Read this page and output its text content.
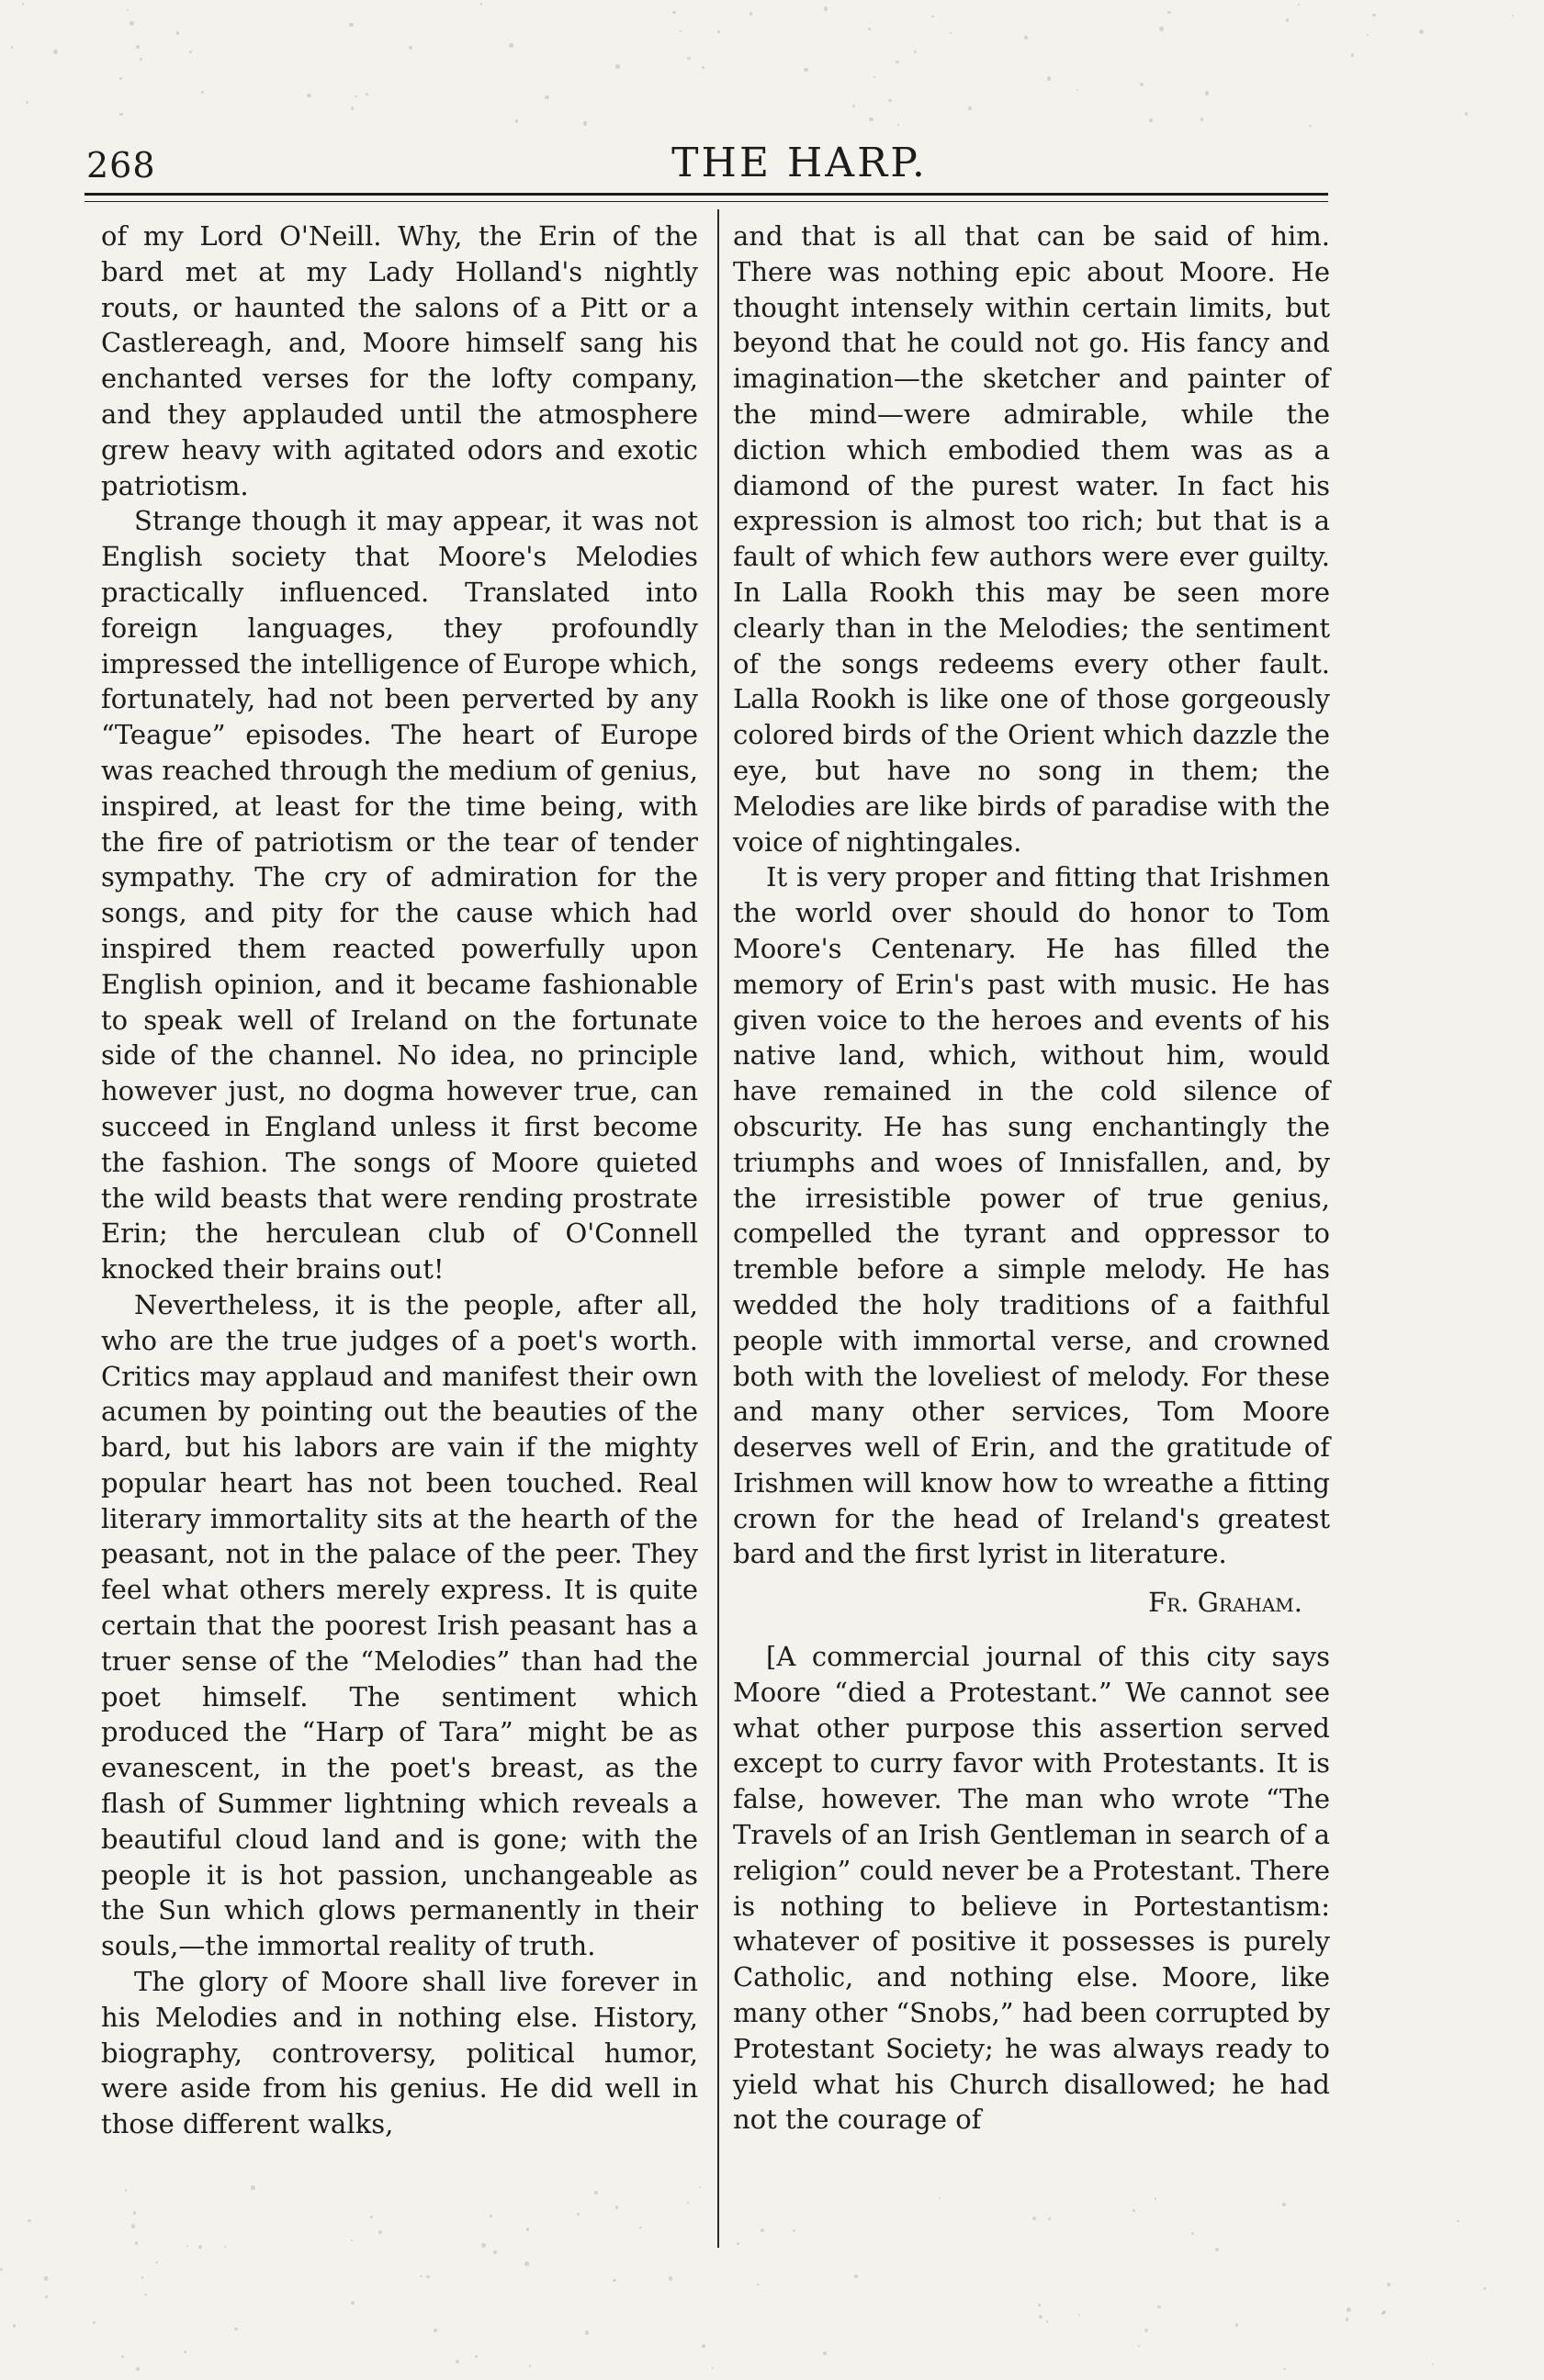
268	THE HARP.

of my Lord O'Neill. Why, the Erin of the bard met at my Lady Holland's nightly routs, or haunted the salons of a Pitt or a Castlereagh, and, Moore himself sang his enchanted verses for the lofty company, and they applauded until the atmosphere grew heavy with agitated odors and exotic patriotism.

Strange though it may appear, it was not English society that Moore's Melodies practically influenced. Translated into foreign languages, they profoundly impressed the intelligence of Europe which, fortunately, had not been perverted by any “Teague” episodes. The heart of Europe was reached through the medium of genius, inspired, at least for the time being, with the fire of patriotism or the tear of tender sympathy. The cry of admiration for the songs, and pity for the cause which had inspired them reacted powerfully upon English opinion, and it became fashionable to speak well of Ireland on the fortunate side of the channel. No idea, no principle however just, no dogma however true, can succeed in England unless it first become the fashion. The songs of Moore quieted the wild beasts that were rending prostrate Erin; the herculean club of O'Connell knocked their brains out!

Nevertheless, it is the people, after all, who are the true judges of a poet's worth. Critics may applaud and manifest their own acumen by pointing out the beauties of the bard, but his labors are vain if the mighty popular heart has not been touched. Real literary immortality sits at the hearth of the peasant, not in the palace of the peer. They feel what others merely express. It is quite certain that the poorest Irish peasant has a truer sense of the “Melodies” than had the poet himself. The sentiment which produced the “Harp of Tara” might be as evanescent, in the poet's breast, as the flash of Summer lightning which reveals a beautiful cloud land and is gone; with the people it is hot passion, unchangeable as the Sun which glows permanently in their souls,—the immortal reality of truth.

The glory of Moore shall live forever in his Melodies and in nothing else. History, biography, controversy, political humor, were aside from his genius. He did well in those different walks,

and that is all that can be said of him. There was nothing epic about Moore. He thought intensely within certain limits, but beyond that he could not go. His fancy and imagination—the sketcher and painter of the mind—were admirable, while the diction which embodied them was as a diamond of the purest water. In fact his expression is almost too rich; but that is a fault of which few authors were ever guilty. In Lalla Rookh this may be seen more clearly than in the Melodies; the sentiment of the songs redeems every other fault. Lalla Rookh is like one of those gorgeously colored birds of the Orient which dazzle the eye, but have no song in them; the Melodies are like birds of paradise with the voice of nightingales.

It is very proper and fitting that Irishmen the world over should do honor to Tom Moore's Centenary. He has filled the memory of Erin's past with music. He has given voice to the heroes and events of his native land, which, without him, would have remained in the cold silence of obscurity. He has sung enchantingly the triumphs and woes of Innisfallen, and, by the irresistible power of true genius, compelled the tyrant and oppressor to tremble before a simple melody. He has wedded the holy traditions of a faithful people with immortal verse, and crowned both with the loveliest of melody. For these and many other services, Tom Moore deserves well of Erin, and the gratitude of Irishmen will know how to wreathe a fitting crown for the head of Ireland's greatest bard and the first lyrist in literature.

Fr. Graham.

[A commercial journal of this city says Moore “died a Protestant.” We cannot see what other purpose this assertion served except to curry favor with Protestants. It is false, however. The man who wrote “The Travels of an Irish Gentleman in search of a religion” could never be a Protestant. There is nothing to believe in Portestantism: whatever of positive it possesses is purely Catholic, and nothing else. Moore, like many other “Snobs,” had been corrupted by Protestant Society; he was always ready to yield what his Church disallowed; he had not the courage of
